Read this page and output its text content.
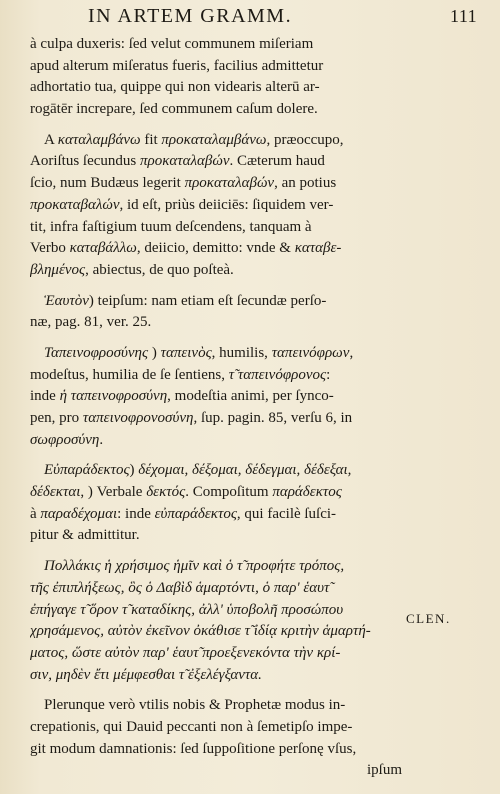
IN ARTEM GRAMM.	111
à culpa duxeris: ſed velut communem miſeriam
apud alterum miſeratus fueris, facilius admittetur
adhortatio tua, quippe qui non videaris alterū ar-
rogātēr increpare, ſed communem caſum dolere.
A καταλαμβάνω fit προκαταλαμβάνω, præoccupo,
Aoriſtus ſecundus προκαταλαβών. Cæterum haud
ſcio, num Budæus legerit προκαταλαβών, an potius
προκαταβαλών, id eſt, priùs deiiciēs: ſiquidem ver-
tit, infra faſtigium tuum deſcendens, tanquam à
Verbo καταβάλλω, deiicio, demitto: vnde & καταβε-
βλημένος, abiectus, de quo poſteà.
Ἑαυτὸν) teipſum: nam etiam eſt ſecundæ perſo-
næ, pag. 81, ver. 25.
Ταπεινοφροσύνης ) ταπεινὸς, humilis, ταπεινόφρων,
modeſtus, humilia de ſe ſentiens, τ̃ ταπεινόφρονος:
inde ἡ ταπεινοφροσύνη, modeſtia animi, per ſynco-
pen, pro ταπεινοφρονοσύνη, ſup. pagin. 85, verſu 6, in
σωφροσύνη.
Εὐπαράδεκτος) δέχομαι, δέξομαι, δέδεγμαι, δέδεξαι,
δέδεκται, ) Verbale δεκτός. Compoſitum παράδεκτος
à παραδέχομαι: inde εὐπαράδεκτος, qui facilè ſuſci-
pitur & admittitur.
Πολλάκις ἡ χρήσιμος ἡμῖν καὶ ὁ τ̃ προφήτε τρόπος,
τῆς ἐπιπλήξεως, ὃς ὁ Δαβὶδ ἁμαρτόντι, ὁ παρ' ἑαυτ̃
ἐπήγαγε τ̃ ὅρον τ̃ καταδίκης, ἀλλ' ὑποβολῆ προσώπου
χρησάμενος, αὐτὸν ἐκεῖνον ὀκάθισε τ̃ ἰδίᾳ κριτὴν ἁμαρτή-
ματος, ὥστε αὐτὸν παρ' ἑαυτ̃ προεξενεκόντα τὴν κρί-
σιν, μηδὲν ἔτι μέμφεσθαι τ̃ ἐξελέγξαντα.
Plerunque verò vtilis nobis & Prophetæ modus in-
crepationis, qui Dauid peccanti non à ſemetipſo impe-
git modum damnationis: ſed ſuppoſitione perſonę vſus,
ipſum
CLEN.
